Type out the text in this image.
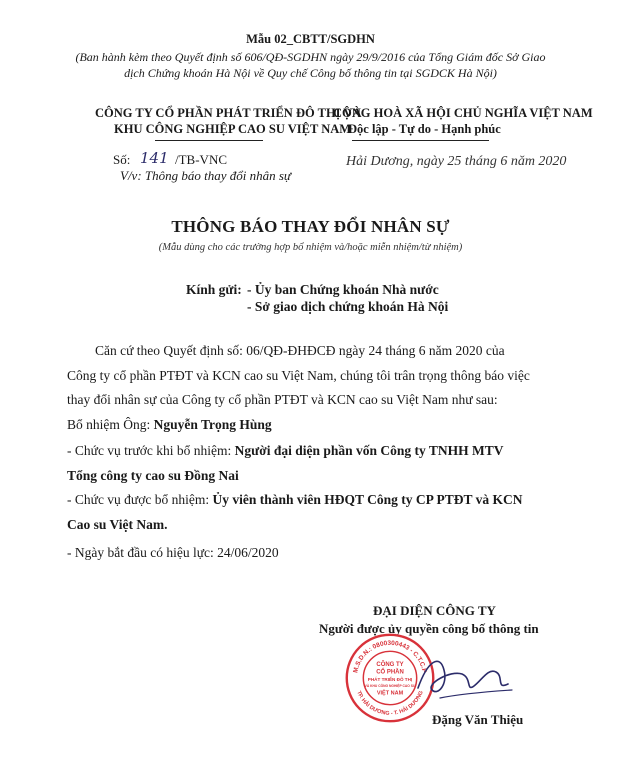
Mẫu 02_CBTT/SGDHN
(Ban hành kèm theo Quyết định số 606/QĐ-SGDHN ngày 29/9/2016 của Tổng Giám đốc Sở Giao
dịch Chứng khoán Hà Nội về Quy chế Công bố thông tin tại SGDCK Hà Nội)
CÔNG TY CỔ PHẦN PHÁT TRIỂN ĐÔ THỊ VÀ
KHU CÔNG NGHIỆP CAO SU VIỆT NAM
CỘNG HOÀ XÃ HỘI CHỦ NGHĨA VIỆT NAM
Độc lập - Tự do - Hạnh phúc
Số: 141 /TB-VNC
V/v: Thông báo thay đổi nhân sự
Hải Dương, ngày 25 tháng 6 năm 2020
THÔNG BÁO THAY ĐỔI NHÂN SỰ
(Mẫu dùng cho các trường hợp bổ nhiệm và/hoặc miễn nhiệm/từ nhiệm)
Kính gửi: - Ủy ban Chứng khoán Nhà nước
- Sở giao dịch chứng khoán Hà Nội
Căn cứ theo Quyết định số: 06/QĐ-ĐHĐCĐ ngày 24 tháng 6 năm 2020 của
Công ty cổ phần PTĐT và KCN cao su Việt Nam, chúng tôi trân trọng thông báo việc
thay đổi nhân sự của Công ty cổ phần PTĐT và KCN cao su Việt Nam như sau:
Bổ nhiệm Ông: Nguyễn Trọng Hùng
- Chức vụ trước khi bổ nhiệm: Người đại diện phần vốn Công ty TNHH MTV
Tổng công ty cao su Đồng Nai
- Chức vụ được bổ nhiệm: Ủy viên thành viên HĐQT Công ty CP PTĐT và KCN
Cao su Việt Nam.
- Ngày bắt đầu có hiệu lực: 24/06/2020
ĐẠI DIỆN CÔNG TY
Người được ủy quyền công bố thông tin
M.S.D.N.: 0800300443 - C.T.C.P
TP. HẢI DƯƠNG - T. HẢI DƯƠNG
CÔNG TY
CỔ PHẦN
PHÁT TRIỂN ĐÔ THỊ
VÀ KHU CÔNG NGHIỆP CAO SU
VIỆT NAM
Đặng Văn Thiệu
